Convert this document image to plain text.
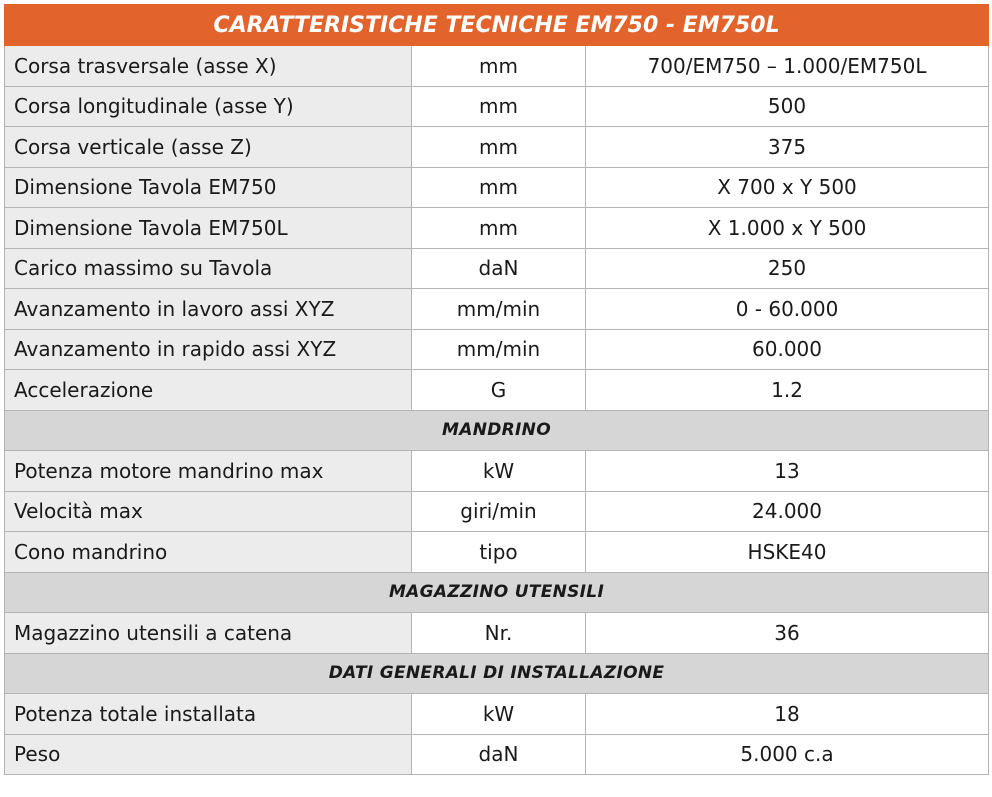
CARATTERISTICHE TECNICHE EM750 - EM750L		
Corsa trasversale (asse X)	mm	700/EM750 – 1.000/EM750L
Corsa longitudinale (asse Y)	mm	500
Corsa verticale (asse Z)	mm	375
Dimensione Tavola EM750	mm	X 700 x Y 500
Dimensione Tavola EM750L	mm	X 1.000 x Y 500
Carico massimo su Tavola	daN	250
Avanzamento in lavoro assi XYZ	mm/min	0 - 60.000
Avanzamento in rapido assi XYZ	mm/min	60.000
Accelerazione	G	1.2
MANDRINO		
Potenza motore mandrino max	kW	13
Velocità max	giri/min	24.000
Cono mandrino	tipo	HSKE40
MAGAZZINO UTENSILI		
Magazzino utensili a catena	Nr.	36
DATI GENERALI DI INSTALLAZIONE		
Potenza totale installata	kW	18
Peso	daN	5.000 c.a
